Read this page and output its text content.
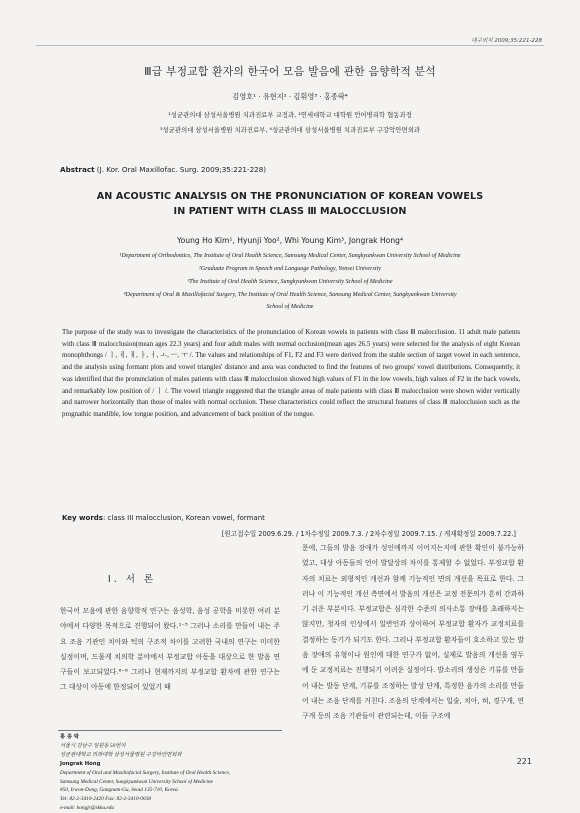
대구외지 2009;35:221-228
Ⅲ급 부정교합 환자의 한국어 모음 발음에 관한 음향학적 분석
김영호¹ · 유현지² · 김휘영³ · 홍종락⁴
¹성균관의대 삼성서울병원 치과진료부 교정과, ²연세대학교 대학원 언어병리학 협동과정
³성균관의대 삼성서울병원 치과진료부, ⁴성균관의대 삼성서울병원 치과진료부 구강악안면외과
Abstract (J. Kor. Oral Maxillofac. Surg. 2009;35:221-228)
AN ACOUSTIC ANALYSIS ON THE PRONUNCIATION OF KOREAN VOWELS
IN PATIENT WITH CLASS Ⅲ MALOCCLUSION
Young Ho Kim¹, Hyunji Yoo², Whi Young Kim³, Jongrak Hong⁴
¹Department of Orthodontics, The Institute of Oral Health Science, Samsung Medical Center, Sungkyunkwan University School of Medicine
²Graduate Program in Speech and Language Pathology, Yonsei University
³The Institute of Oral Health Science, Sungkyunkwan University School of Medicine
⁴Department of Oral & Maxillofacial Surgery, The Institute of Oral Health Science, Samsung Medical Center, Sungkyunkwan University
School of Medicine
The purpose of the study was to investigate the characteristics of the pronunciation of Korean vowels in patients with class Ⅲ malocclusion. 11 adult male patients with class Ⅲ malocclusion(mean ages 22.3 years) and four adult males with normal occlusion(mean ages 26.5 years) were selected for the analysis of eight Korean monophthongs / ㅣ, ㅔ, ㅐ, ㅏ, ㅓ, ㅗ, ㅡ, ㅜ /. The values and relationships of F1, F2 and F3 were derived from the stable section of target vowel in each sentence, and the analysis using formant plots and vowel triangles' distance and area was conducted to find the features of two groups' vowel distributions. Consequently, it was identified that the pronunciation of males patients with class Ⅲ malocclusion showed high values of F1 in the low vowels, high values of F2 in the back vowels, and remarkably low position of / ㅣ /. The vowel triangle suggested that the triangle areas of male patients with class Ⅲ malocclusion were shown wider vertically and narrower horizontally than those of males with normal occlusion. These characteristics could reflect the structural features of class Ⅲ malocclusion such as the prognathic mandible, low tongue position, and advancement of back position of the tongue.
Key words: class III malocclusion, Korean vowel, formant
[원고접수일 2009.6.29. / 1차수정일 2009.7.3. / 2차수정일 2009.7.15. / 게재확정일 2009.7.22.]
Ⅰ. 서 론
한국어 모음에 관한 음향학적 연구는 음성학, 음성 공학을 비롯한 여러 분야에서 다양한 목적으로 진행되어 왔다.¹⁻⁵ 그러나 소리를 만들어 내는 주요 조음 기관인 치아와 턱의 구조적 차이를 고려한 국내의 연구는 미미한 실정이며, 드물게 치의학 분야에서 부정교합 아동을 대상으로 한 발음 연구들이 보고되었다.⁶⁻⁸ 그러나 현재까지의 부정교합 환자에 관한 연구는 그 대상이 아동에 한정되어 있었기 때
문에, 그들의 발음 장애가 성인에까지 이어지는지에 관한 확인이 불가능하였고, 대상 아동들의 언어 발달상의 차이를 통제할 수 없었다. 부정교합 환자의 치료는 외형적인 개선과 함께 기능적인 면의 개선을 목표로 한다. 그러나 이 기능적인 개선 측면에서 발음의 개선은 교정 전문의가 흔히 간과하기 쉬운 부분이다. 부정교합은 심각한 수준의 의사소통 장애를 초래하지는 않지만, 청자의 인상에서 일반인과 상이하여 부정교합 환자가 교정치료를 결정하는 동기가 되기도 한다. 그러나 부정교합 환자들이 호소하고 있는 발음 장애의 유형이나 원인에 대한 연구가 없어, 실제로 발음의 개선을 염두에 둔 교정치료는 진행되기 어려운 실정이다. 발소리의 생성은 기류를 만들어 내는 발동 단계, 기류를 조정하는 발성 단계, 특정한 음가의 소리를 만들어 내는 조음 단계를 거친다. 조음의 단계에서는 입술, 치아, 혀, 경구개, 연구개 등의 조음 기관들이 관련되는데, 이들 구조에
홍 종 락
서울시 강남구 일원동 50번지
성균관대학교 의과대학 삼성서울병원 구강악안면외과
Jongrak Hong
Department of Oral and Maxillofacial Surgery, Institute of Oral Health Science,
Samsung Medical Center, Sungkyunkwan University School of Medicine
#50, Irwon-Dong, Gangnam-Gu, Seoul 135-710, Korea.
Tel: 82-2-3410-2420 Fax: 82-2-3410-0038
e-mail: hongjr@skku.edu
221
